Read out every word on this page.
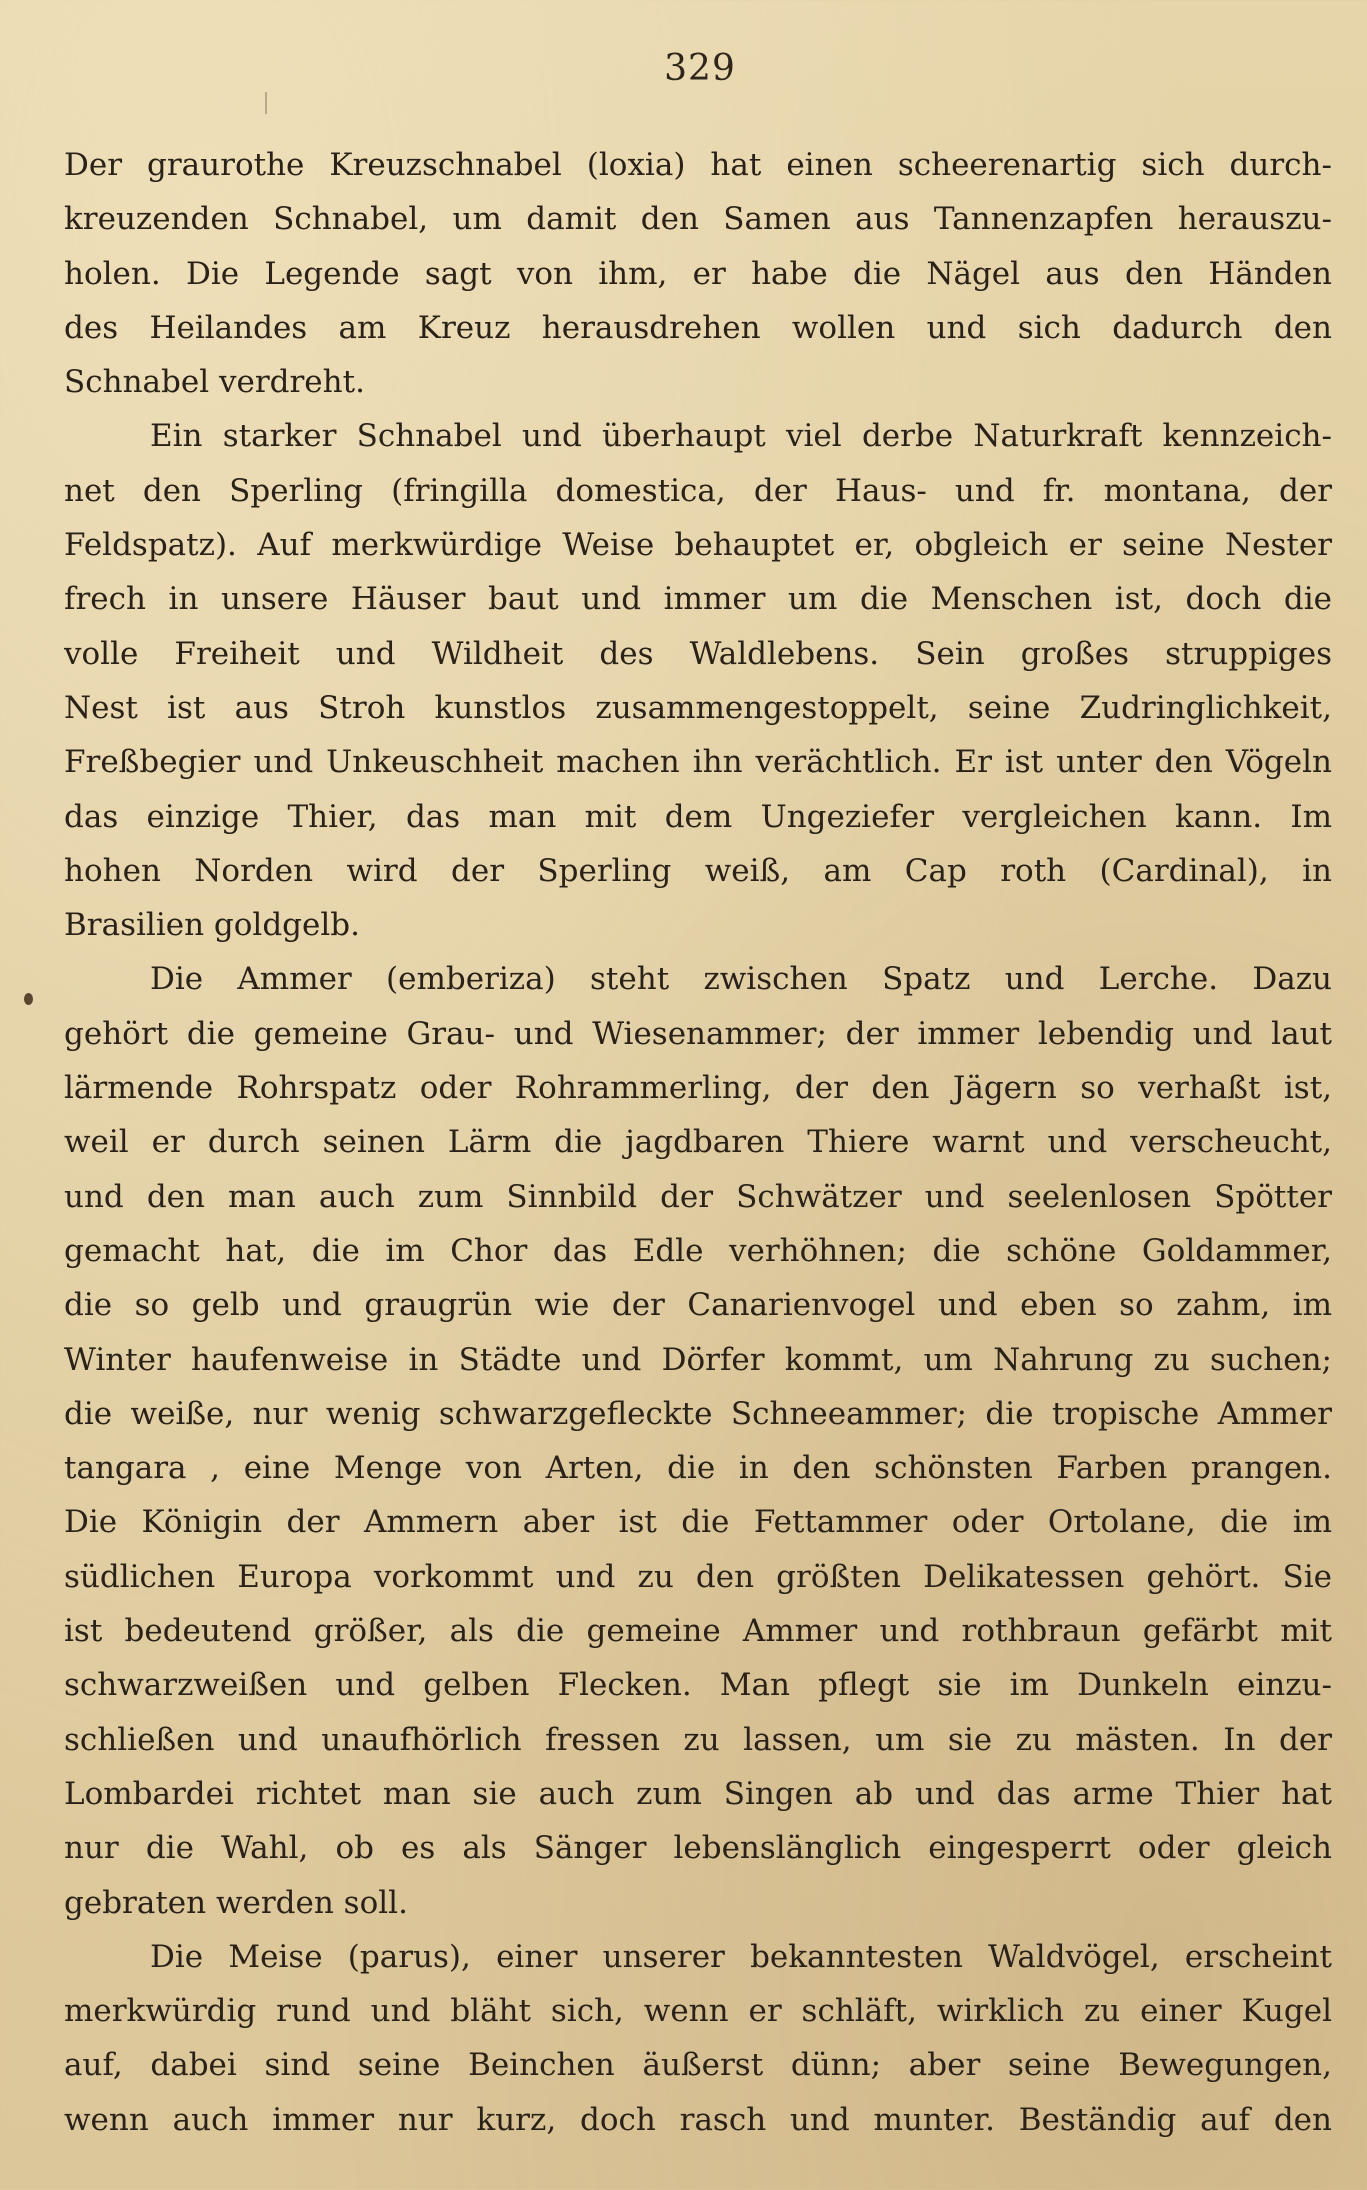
329
Der graurothe Kreuzschnabel (loxia) hat einen scheerenartig sich durch-
kreuzenden Schnabel, um damit den Samen aus Tannenzapfen herauszu-
holen. Die Legende sagt von ihm, er habe die Nägel aus den Händen
des Heilandes am Kreuz herausdrehen wollen und sich dadurch den
Schnabel verdreht.
Ein starker Schnabel und überhaupt viel derbe Naturkraft kennzeich-
net den Sperling (fringilla domestica, der Haus- und fr. montana, der
Feldspatz). Auf merkwürdige Weise behauptet er, obgleich er seine Nester
frech in unsere Häuser baut und immer um die Menschen ist, doch die
volle Freiheit und Wildheit des Waldlebens. Sein großes struppiges
Nest ist aus Stroh kunstlos zusammengestoppelt, seine Zudringlichkeit,
Freßbegier und Unkeuschheit machen ihn verächtlich. Er ist unter den Vögeln
das einzige Thier, das man mit dem Ungeziefer vergleichen kann. Im
hohen Norden wird der Sperling weiß, am Cap roth (Cardinal), in
Brasilien goldgelb.
Die Ammer (emberiza) steht zwischen Spatz und Lerche. Dazu
gehört die gemeine Grau- und Wiesenammer; der immer lebendig und laut
lärmende Rohrspatz oder Rohrammerling, der den Jägern so verhaßt ist,
weil er durch seinen Lärm die jagdbaren Thiere warnt und verscheucht,
und den man auch zum Sinnbild der Schwätzer und seelenlosen Spötter
gemacht hat, die im Chor das Edle verhöhnen; die schöne Goldammer,
die so gelb und graugrün wie der Canarienvogel und eben so zahm, im
Winter haufenweise in Städte und Dörfer kommt, um Nahrung zu suchen;
die weiße, nur wenig schwarzgefleckte Schneeammer; die tropische Ammer
tangara , eine Menge von Arten, die in den schönsten Farben prangen.
Die Königin der Ammern aber ist die Fettammer oder Ortolane, die im
südlichen Europa vorkommt und zu den größten Delikatessen gehört. Sie
ist bedeutend größer, als die gemeine Ammer und rothbraun gefärbt mit
schwarzweißen und gelben Flecken. Man pflegt sie im Dunkeln einzu-
schließen und unaufhörlich fressen zu lassen, um sie zu mästen. In der
Lombardei richtet man sie auch zum Singen ab und das arme Thier hat
nur die Wahl, ob es als Sänger lebenslänglich eingesperrt oder gleich
gebraten werden soll.
Die Meise (parus), einer unserer bekanntesten Waldvögel, erscheint
merkwürdig rund und bläht sich, wenn er schläft, wirklich zu einer Kugel
auf, dabei sind seine Beinchen äußerst dünn; aber seine Bewegungen,
wenn auch immer nur kurz, doch rasch und munter. Beständig auf den
